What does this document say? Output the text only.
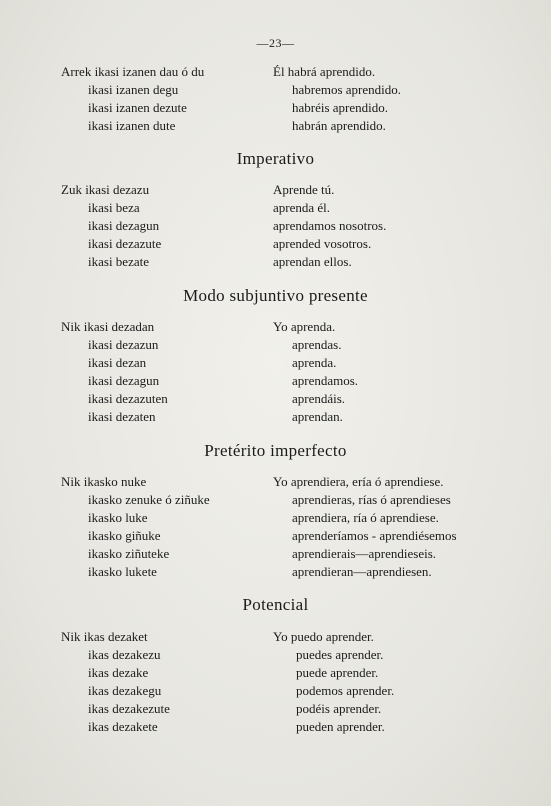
—23—
Arrek ikasi izanen dau ó du
ikasi izanen degu
ikasi izanen dezute
ikasi izanen dute
Él habrá aprendido.
habremos aprendido.
habréis aprendido.
habrán aprendido.
Imperativo
Zuk ikasi dezazu
ikasi beza
ikasi dezagun
ikasi dezazute
ikasi bezate
Aprende tú.
aprenda él.
aprendamos nosotros.
aprended vosotros.
aprendan ellos.
Modo subjuntivo presente
Nik ikasi dezadan
ikasi dezazun
ikasi dezan
ikasi dezagun
ikasi dezazuten
ikasi dezaten
Yo aprenda.
aprendas.
aprenda.
aprendamos.
aprendáis.
aprendan.
Pretérito imperfecto
Nik ikasko nuke
ikasko zenuke ó ziñuke
ikasko luke
ikasko giñuke
ikasko ziñuteke
ikasko lukete
Yo aprendiera, ería ó aprendiese.
aprendieras, rías ó aprendieses
aprendiera, ría ó aprendiese.
aprenderíamos - aprendiésemos
aprendierais—aprendieseis.
aprendieran—aprendiesen.
Potencial
Nik ikas dezaket
ikas dezakezu
ikas dezake
ikas dezakegu
ikas dezakezute
ikas dezakete
Yo puedo aprender.
puedes aprender.
puede aprender.
podemos aprender.
podéis aprender.
pueden aprender.
